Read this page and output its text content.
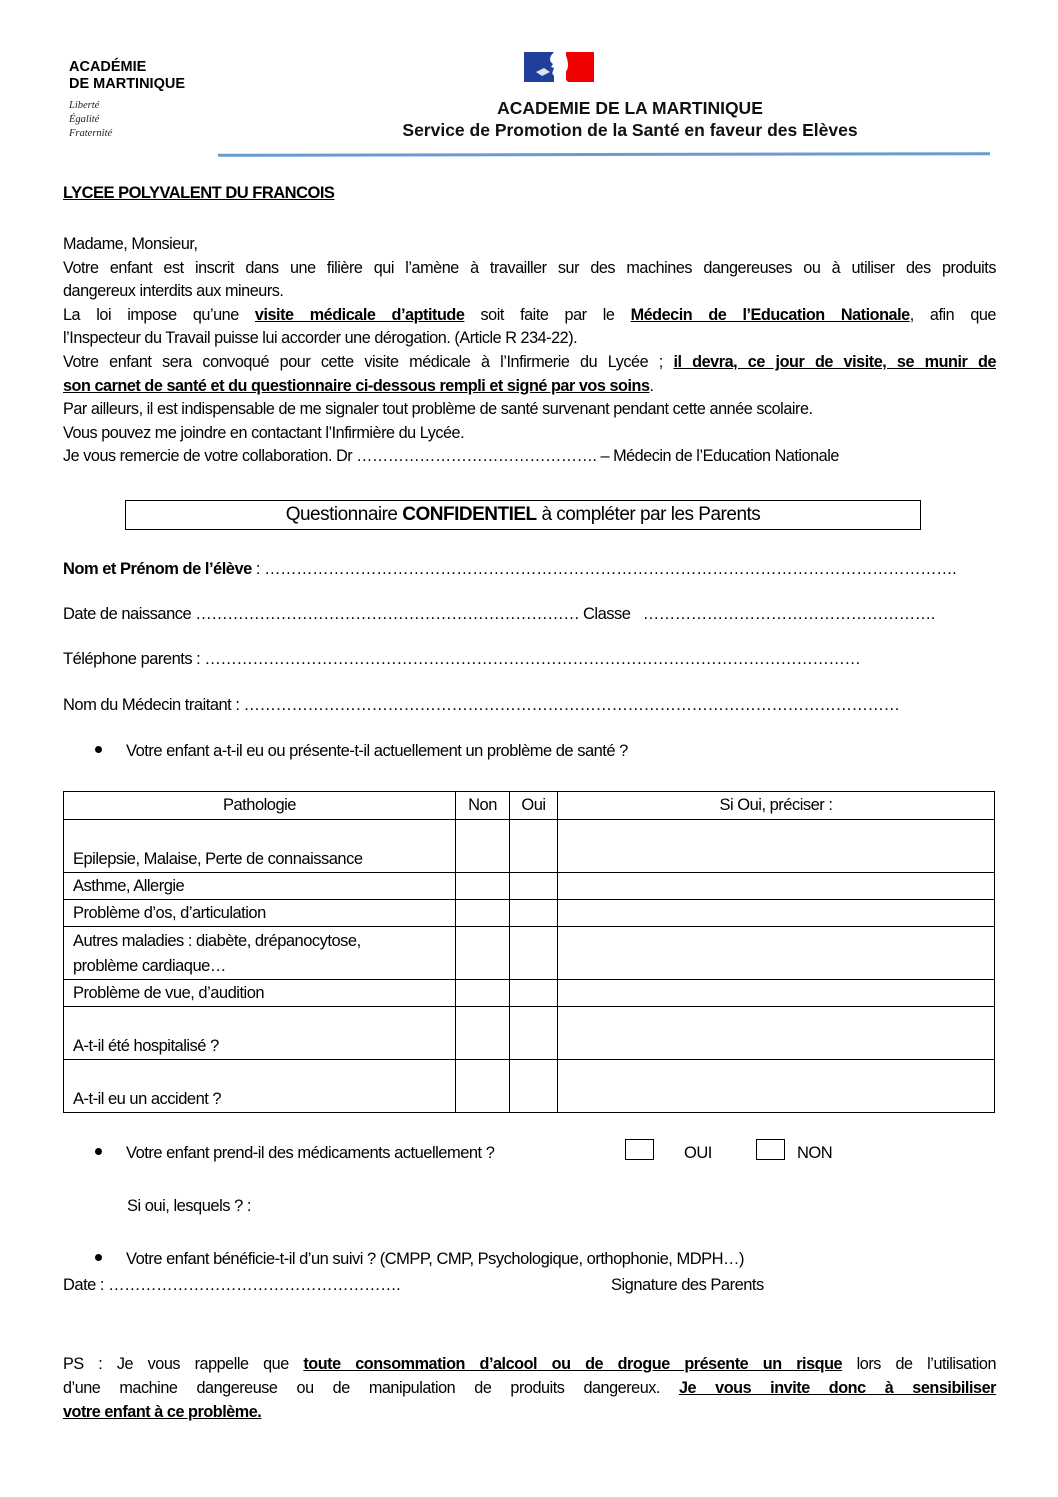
ACADÉMIE
DE MARTINIQUE
Liberté
Égalité
Fraternité
ACADEMIE DE LA MARTINIQUE
Service de Promotion de la Santé en faveur des Elèves
LYCEE POLYVALENT DU FRANCOIS
Madame, Monsieur,
Votre enfant est inscrit dans une filière qui l’amène à travailler sur des machines dangereuses ou à utiliser des produits
dangereux interdits aux mineurs.
La loi impose qu’une visite médicale d’aptitude soit faite par le Médecin de l’Education Nationale, afin que
l’Inspecteur du Travail puisse lui accorder une dérogation. (Article R 234-22).
Votre enfant sera convoqué pour cette visite médicale à l’Infirmerie du Lycée ; il devra, ce jour de visite, se munir de
son carnet de santé et du questionnaire ci-dessous rempli et signé par vos soins.
Par ailleurs, il est indispensable de me signaler tout problème de santé survenant pendant cette année scolaire.
Vous pouvez me joindre en contactant l’Infirmière du Lycée.
Je vous remercie de votre collaboration. Dr ………………………………………. – Médecin de l’Education Nationale
Questionnaire CONFIDENTIEL à compléter par les Parents
Nom et Prénom de l’élève : ………………………………………………………………………………………………………………….
Date de naissance ……………………………………………………………… Classe ……………………………………………….
Téléphone parents : ……………………………………………………………………………………………………………
Nom du Médecin traitant : ……………………………………………………………………………………………………………
Votre enfant a-t-il eu ou présente-t-il actuellement un problème de santé ?
Pathologie	Non	Oui	Si Oui, préciser :
Epilepsie, Malaise, Perte de connaissance			
Asthme, Allergie			
Problème d’os, d’articulation			

Autres maladies : diabète, drépanocytose,
problème cardiaque…			

Problème de vue, d’audition			
A-t-il été hospitalisé ?			
A-t-il eu un accident ?			
Votre enfant prend-il des médicaments actuellement ?	OUI	NON
Si oui, lesquels ? :
Votre enfant bénéficie-t-il d’un suivi ? (CMPP, CMP, Psychologique, orthophonie, MDPH…)
Date : ……………………………………………….	Signature des Parents
PS : Je vous rappelle que toute consommation d’alcool ou de drogue présente un risque lors de l’utilisation
d’une machine dangereuse ou de manipulation de produits dangereux. Je vous invite donc à sensibiliser
votre enfant à ce problème.
